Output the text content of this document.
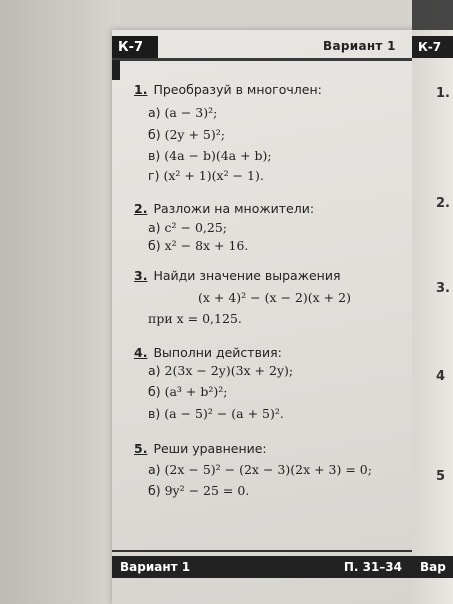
К-7
1.
2.
3.
4
5
Вар
К-7	Вариант 1
1. Преобразуй в многочлен:
а) (a − 3)²;
б) (2y + 5)²;
в) (4a − b)(4a + b);
г) (x² + 1)(x² − 1).
2. Разложи на множители:
а) c² − 0,25;
б) x² − 8x + 16.
3. Найди значение выражения
(x + 4)² − (x − 2)(x + 2)
при x = 0,125.
4. Выполни действия:
а) 2(3x − 2y)(3x + 2y);
б) (a³ + b²)²;
в) (a − 5)² − (a + 5)².
5. Реши уравнение:
а) (2x − 5)² − (2x − 3)(2x + 3) = 0;
б) 9y² − 25 = 0.
Вариант 1	П. 31–34
